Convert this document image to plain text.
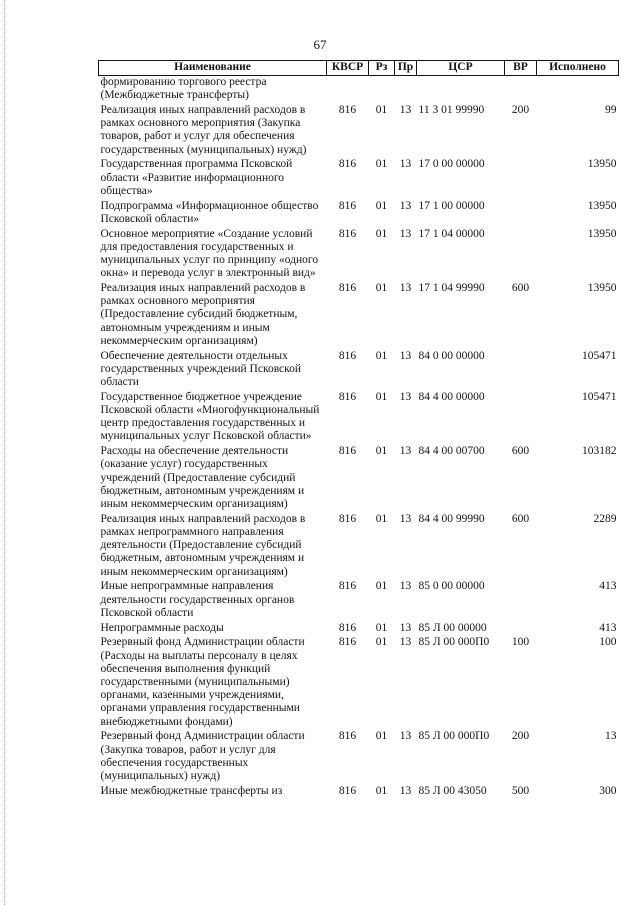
67
Наименование	КВСР	Рз	Пр	ЦСР	ВР	Исполнено
формированию торгового реестра (Межбюджетные трансферты)						
Реализация иных направлений расходов в рамках основного мероприятия (Закупка товаров, работ и услуг для обеспечения государственных (муниципальных) нужд)	816	01	13	11 3 01 99990	200	99
Государственная программа Псковской области «Развитие информационного общества»	816	01	13	17 0 00 00000		13950
Подпрограмма «Информационное общество Псковской области»	816	01	13	17 1 00 00000		13950
Основное мероприятие «Создание условий для предоставления государственных и муниципальных услуг по принципу «одного окна» и перевода услуг в электронный вид»	816	01	13	17 1 04 00000		13950
Реализация иных направлений расходов в рамках основного мероприятия (Предоставление субсидий бюджетным, автономным учреждениям и иным некоммерческим организациям)	816	01	13	17 1 04 99990	600	13950
Обеспечение деятельности отдельных государственных учреждений Псковской области	816	01	13	84 0 00 00000		105471
Государственное бюджетное учреждение Псковской области «Многофункциональный центр предоставления государственных и муниципальных услуг Псковской области»	816	01	13	84 4 00 00000		105471
Расходы на обеспечение деятельности (оказание услуг) государственных учреждений (Предоставление субсидий бюджетным, автономным учреждениям и иным некоммерческим организациям)	816	01	13	84 4 00 00700	600	103182
Реализация иных направлений расходов в рамках непрограммного направления деятельности (Предоставление субсидий бюджетным, автономным учреждениям и иным некоммерческим организациям)	816	01	13	84 4 00 99990	600	2289
Иные непрограммные направления деятельности государственных органов Псковской области	816	01	13	85 0 00 00000		413
Непрограммные расходы	816	01	13	85 Л 00 00000		413
Резервный фонд Администрации области (Расходы на выплаты персоналу в целях обеспечения выполнения функций государственными (муниципальными) органами, казенными учреждениями, органами управления государственными внебюджетными фондами)	816	01	13	85 Л 00 000П0	100	100
Резервный фонд Администрации области (Закупка товаров, работ и услуг для обеспечения государственных (муниципальных) нужд)	816	01	13	85 Л 00 000П0	200	13
Иные межбюджетные трансферты из	816	01	13	85 Л 00 43050	500	300
